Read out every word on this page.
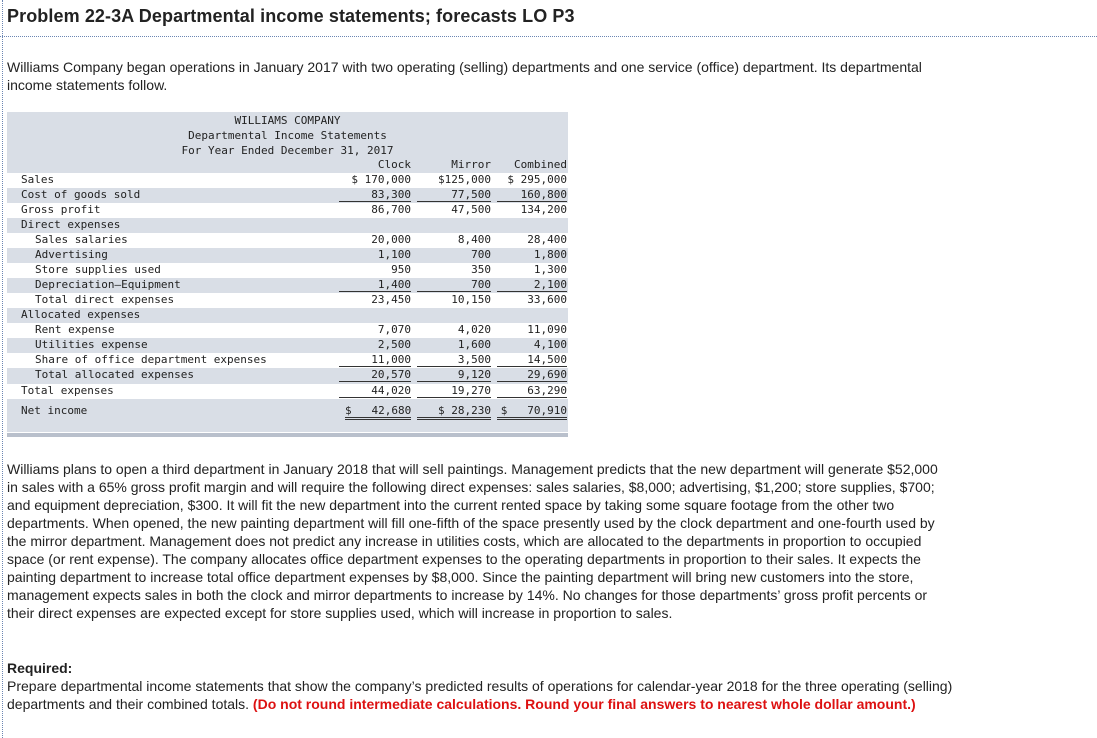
Problem 22-3A Departmental income statements; forecasts LO P3
Williams Company began operations in January 2017 with two operating (selling) departments and one service (office) department. Its departmental income statements follow.
WILLIAMS COMPANY
Departmental Income Statements
For Year Ended December 31, 2017
Clock	Mirror	Combined
Sales	$ 170,000	$125,000	$ 295,000
Cost of goods sold	83,300	77,500	160,800
Gross profit	86,700	47,500	134,200
Direct expenses
Sales salaries	20,000	8,400	28,400
Advertising	1,100	700	1,800
Store supplies used	950	350	1,300
Depreciation—Equipment	1,400	700	2,100
Total direct expenses	23,450	10,150	33,600
Allocated expenses
Rent expense	7,070	4,020	11,090
Utilities expense	2,500	1,600	4,100
Share of office department expenses	11,000	3,500	14,500
Total allocated expenses	20,570	9,120	29,690
Total expenses	44,020	19,270	63,290
Net income	$   42,680	$ 28,230 $   70,910
Williams plans to open a third department in January 2018 that will sell paintings. Management predicts that the new department will generate $52,000 in sales with a 65% gross profit margin and will require the following direct expenses: sales salaries, $8,000; advertising, $1,200; store supplies, $700; and equipment depreciation, $300. It will fit the new department into the current rented space by taking some square footage from the other two departments. When opened, the new painting department will fill one-fifth of the space presently used by the clock department and one-fourth used by the mirror department. Management does not predict any increase in utilities costs, which are allocated to the departments in proportion to occupied space (or rent expense). The company allocates office department expenses to the operating departments in proportion to their sales. It expects the painting department to increase total office department expenses by $8,000. Since the painting department will bring new customers into the store, management expects sales in both the clock and mirror departments to increase by 14%. No changes for those departments’ gross profit percents or their direct expenses are expected except for store supplies used, which will increase in proportion to sales.
Required:
Prepare departmental income statements that show the company’s predicted results of operations for calendar-year 2018 for the three operating (selling) departments and their combined totals. (Do not round intermediate calculations. Round your final answers to nearest whole dollar amount.)
